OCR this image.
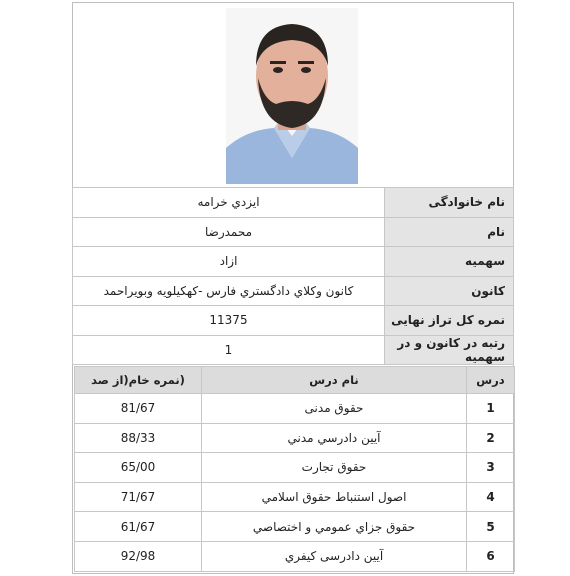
نام خانوادگی	ايزدي خرامه
نام	محمدرضا
سهمیه	ازاد
کانون	کانون وکلاي دادگستري فارس -کهکیلویه وبویراحمد
نمره کل تراز نهایی	11375
رتبه در کانون و در سهمیه	1
درس	نام درس	(نمره خام(از صد
1	حقوق مدنی	81/67
2	آيين دادرسي مدني	88/33
3	حقوق تجارت	65/00
4	اصول استنباط حقوق اسلامي	71/67
5	حقوق جزاي عمومي و اختصاصي	61/67
6	آيين دادرسی کيفري	92/98
